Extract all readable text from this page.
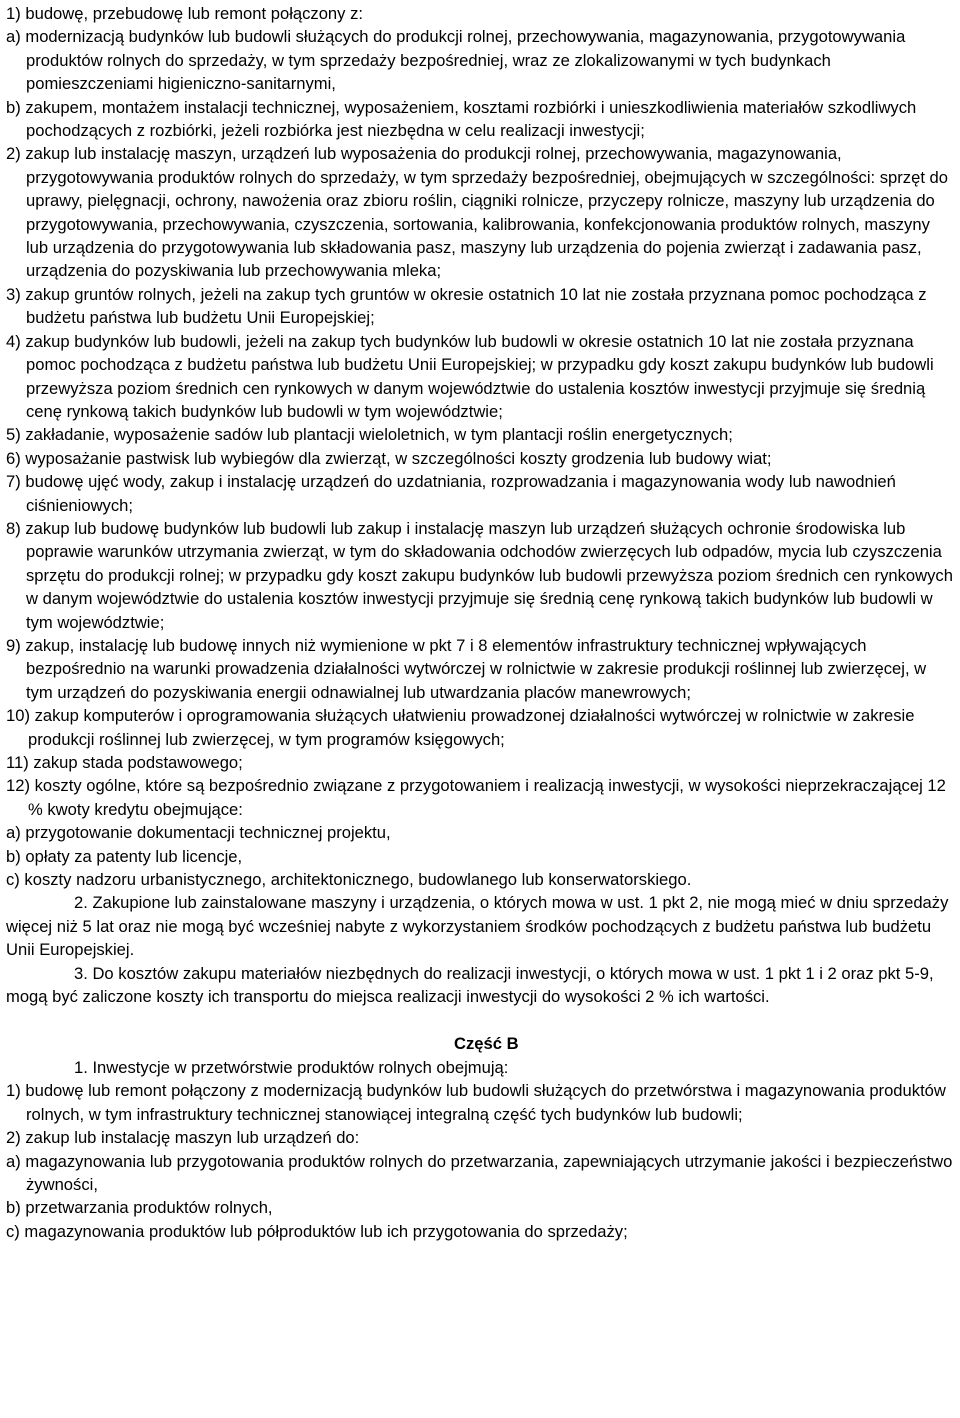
1) budowę, przebudowę lub remont połączony z:

a) modernizacją budynków lub budowli służących do produkcji rolnej, przechowywania, magazynowania, przygotowywania produktów rolnych do sprzedaży, w tym sprzedaży bezpośredniej, wraz ze zlokalizowanymi w tych budynkach pomieszczeniami higieniczno-sanitarnymi,

b) zakupem, montażem instalacji technicznej, wyposażeniem, kosztami rozbiórki i unieszkodliwienia materiałów szkodliwych pochodzących z rozbiórki, jeżeli rozbiórka jest niezbędna w celu realizacji inwestycji;

2) zakup lub instalację maszyn, urządzeń lub wyposażenia do produkcji rolnej, przechowywania, magazynowania, przygotowywania produktów rolnych do sprzedaży, w tym sprzedaży bezpośredniej, obejmujących w szczególności: sprzęt do uprawy, pielęgnacji, ochrony, nawożenia oraz zbioru roślin, ciągniki rolnicze, przyczepy rolnicze, maszyny lub urządzenia do przygotowywania, przechowywania, czyszczenia, sortowania, kalibrowania, konfekcjonowania produktów rolnych, maszyny lub urządzenia do przygotowywania lub składowania pasz, maszyny lub urządzenia do pojenia zwierząt i zadawania pasz, urządzenia do pozyskiwania lub przechowywania mleka;

3) zakup gruntów rolnych, jeżeli na zakup tych gruntów w okresie ostatnich 10 lat nie została przyznana pomoc pochodząca z budżetu państwa lub budżetu Unii Europejskiej;

4) zakup budynków lub budowli, jeżeli na zakup tych budynków lub budowli w okresie ostatnich 10 lat nie została przyznana pomoc pochodząca z budżetu państwa lub budżetu Unii Europejskiej; w przypadku gdy koszt zakupu budynków lub budowli przewyższa poziom średnich cen rynkowych w danym województwie do ustalenia kosztów inwestycji przyjmuje się średnią cenę rynkową takich budynków lub budowli w tym województwie;

5) zakładanie, wyposażenie sadów lub plantacji wieloletnich, w tym plantacji roślin energetycznych;

6) wyposażanie pastwisk lub wybiegów dla zwierząt, w szczególności koszty grodzenia lub budowy wiat;

7) budowę ujęć wody, zakup i instalację urządzeń do uzdatniania, rozprowadzania i magazynowania wody lub nawodnień ciśnieniowych;

8) zakup lub budowę budynków lub budowli lub zakup i instalację maszyn lub urządzeń służących ochronie środowiska lub poprawie warunków utrzymania zwierząt, w tym do składowania odchodów zwierzęcych lub odpadów, mycia lub czyszczenia sprzętu do produkcji rolnej; w przypadku gdy koszt zakupu budynków lub budowli przewyższa poziom średnich cen rynkowych w danym województwie do ustalenia kosztów inwestycji przyjmuje się średnią cenę rynkową takich budynków lub budowli w tym województwie;

9) zakup, instalację lub budowę innych niż wymienione w pkt 7 i 8 elementów infrastruktury technicznej wpływających bezpośrednio na warunki prowadzenia działalności wytwórczej w rolnictwie w zakresie produkcji roślinnej lub zwierzęcej, w tym urządzeń do pozyskiwania energii odnawialnej lub utwardzania placów manewrowych;

10) zakup komputerów i oprogramowania służących ułatwieniu prowadzonej działalności wytwórczej w rolnictwie w zakresie produkcji roślinnej lub zwierzęcej, w tym programów księgowych;

11) zakup stada podstawowego;

12) koszty ogólne, które są bezpośrednio związane z przygotowaniem i realizacją inwestycji, w wysokości nieprzekraczającej 12 % kwoty kredytu obejmujące:

a) przygotowanie dokumentacji technicznej projektu,

b) opłaty za patenty lub licencje,

c) koszty nadzoru urbanistycznego, architektonicznego, budowlanego lub konserwatorskiego.

2. Zakupione lub zainstalowane maszyny i urządzenia, o których mowa w ust. 1 pkt 2, nie mogą mieć w dniu sprzedaży więcej niż 5 lat oraz nie mogą być wcześniej nabyte z wykorzystaniem środków pochodzących z budżetu państwa lub budżetu Unii Europejskiej.

3. Do kosztów zakupu materiałów niezbędnych do realizacji inwestycji, o których mowa w ust. 1 pkt 1 i 2 oraz pkt 5-9, mogą być zaliczone koszty ich transportu do miejsca realizacji inwestycji do wysokości 2 % ich wartości.

Część B

1. Inwestycje w przetwórstwie produktów rolnych obejmują:

1) budowę lub remont połączony z modernizacją budynków lub budowli służących do przetwórstwa i magazynowania produktów rolnych, w tym infrastruktury technicznej stanowiącej integralną część tych budynków lub budowli;

2) zakup lub instalację maszyn lub urządzeń do:

a) magazynowania lub przygotowania produktów rolnych do przetwarzania, zapewniających utrzymanie jakości i bezpieczeństwo żywności,

b) przetwarzania produktów rolnych,

c) magazynowania produktów lub półproduktów lub ich przygotowania do sprzedaży;
